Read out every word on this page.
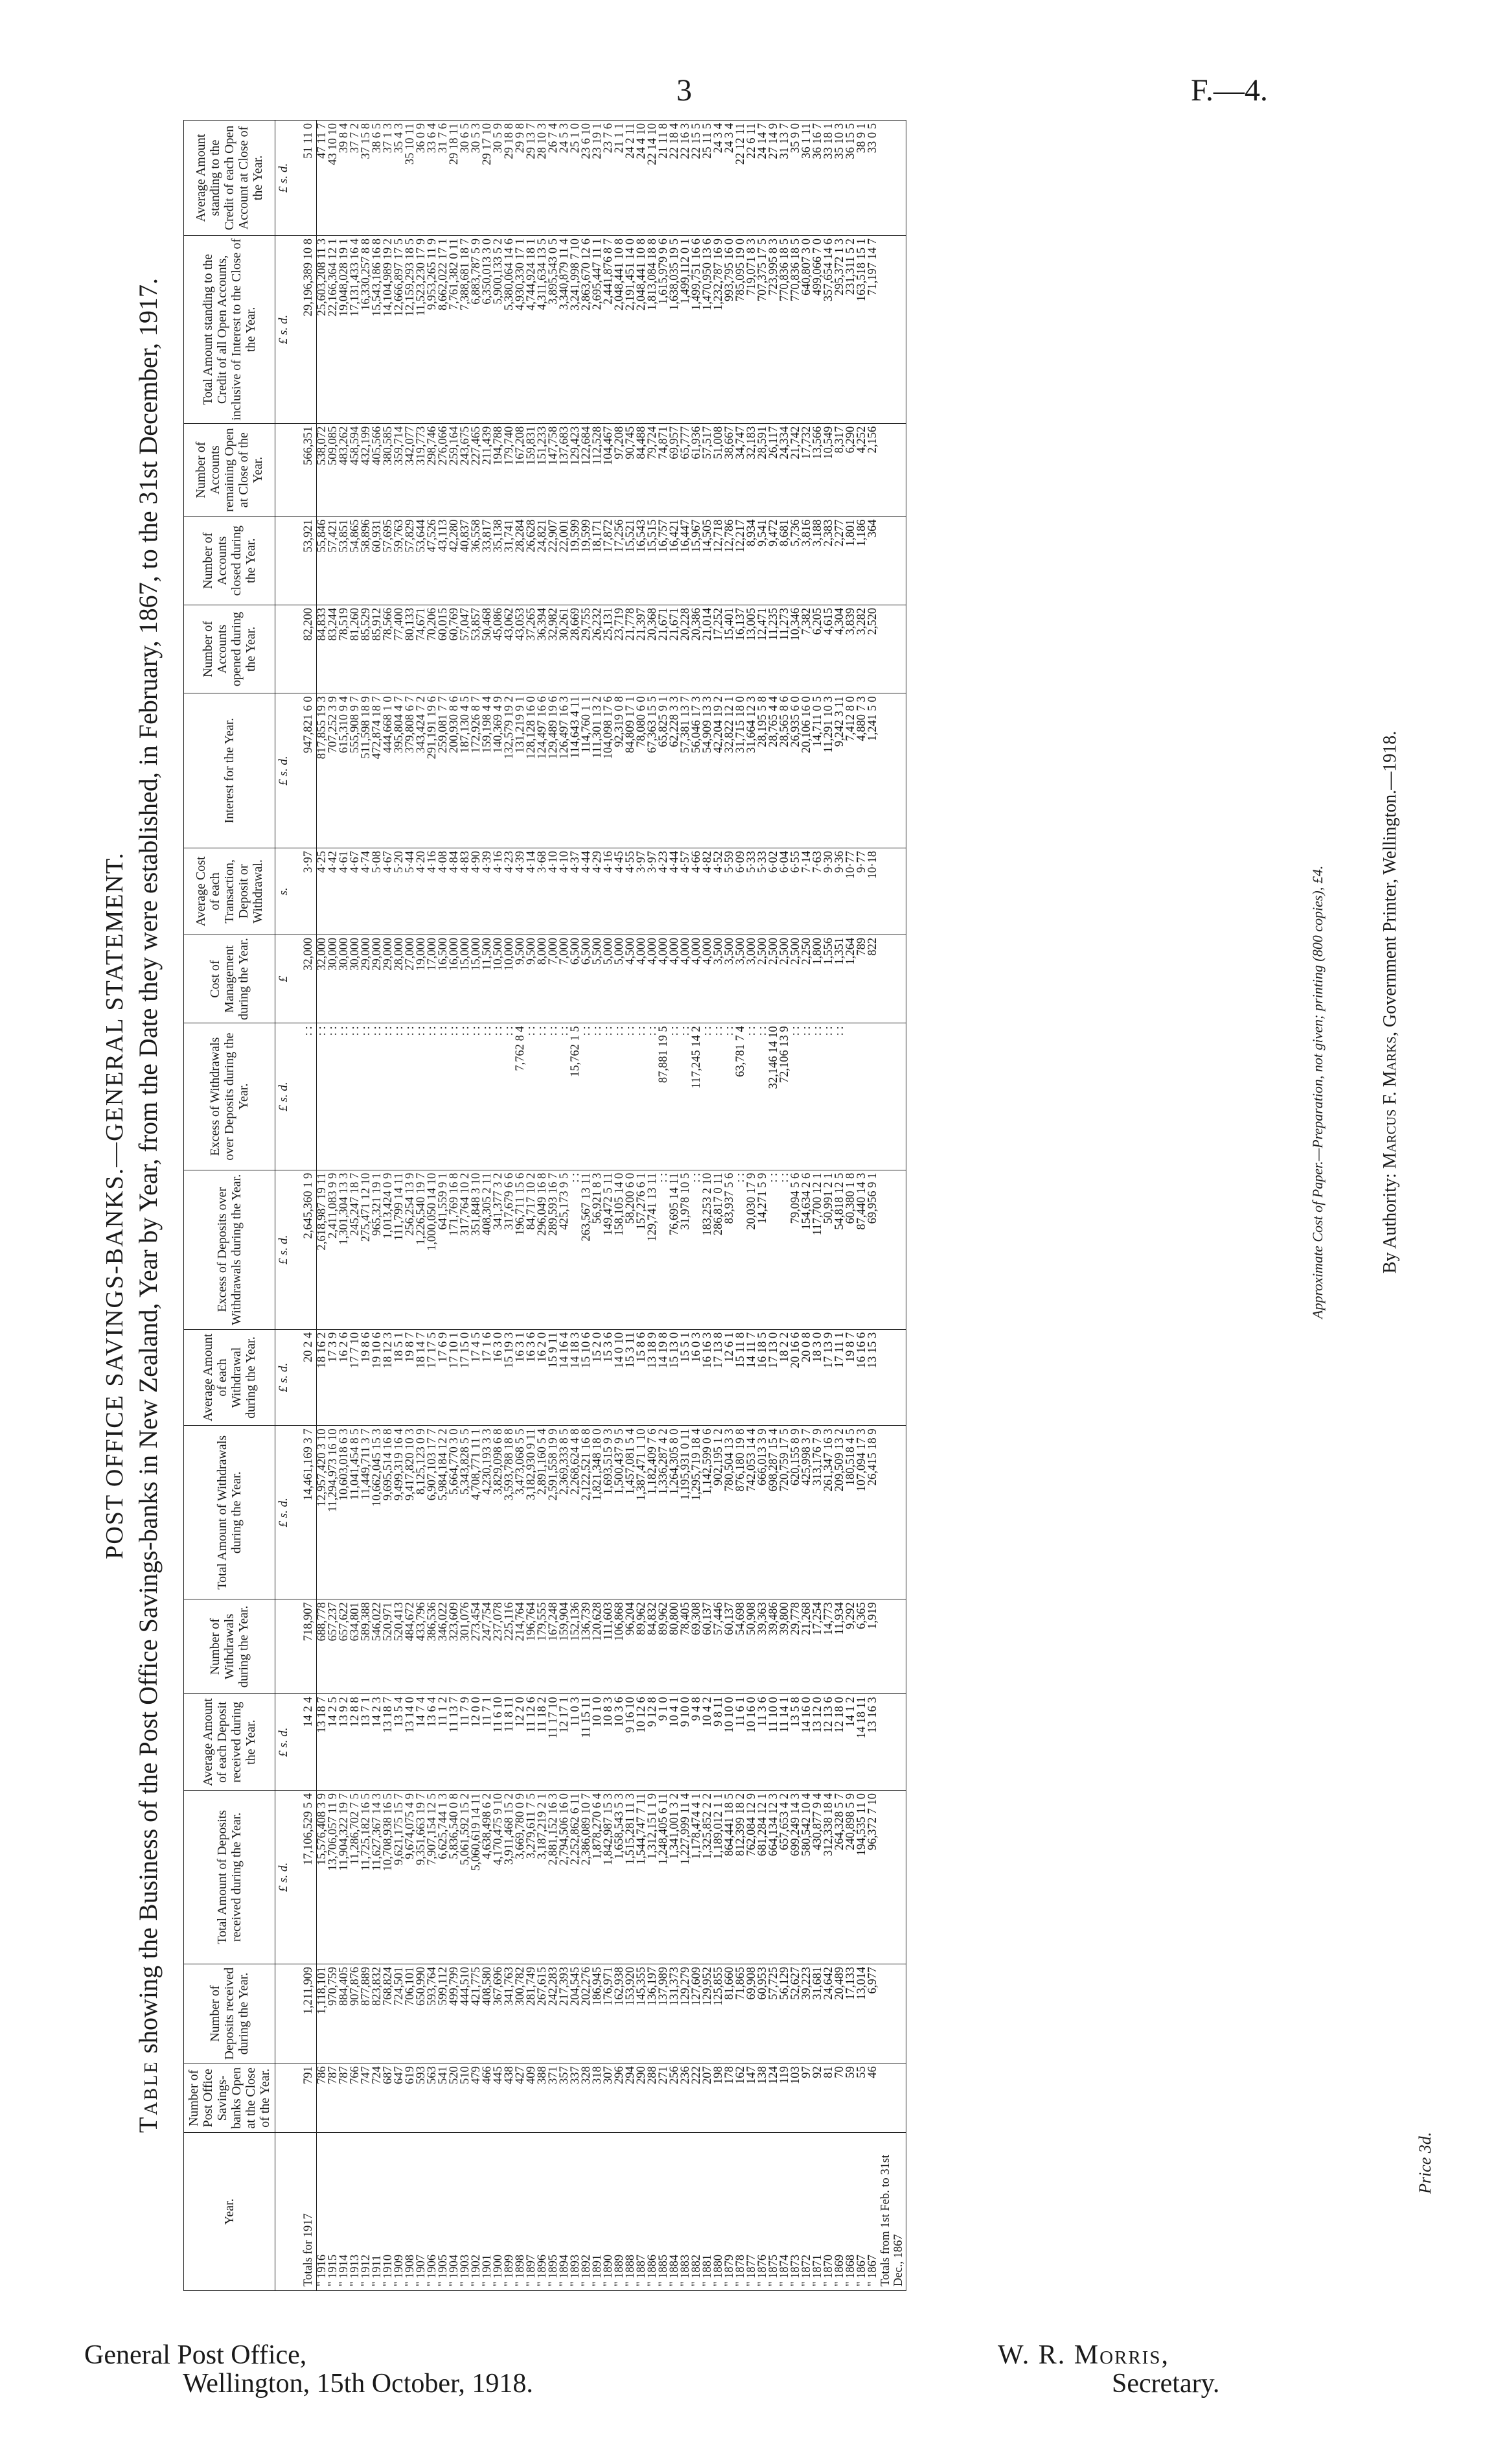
3	F.—4.
POST OFFICE SAVINGS-BANKS.—GENERAL STATEMENT.
Table showing the Business of the Post Office Savings-banks in New Zealand, Year by Year, from the Date they were established, in February, 1867, to the 31st December, 1917.
Year.	Number of Post Office Savings-banks Open at the Close of the Year.	Number of Deposits received during the Year.	Total Amount of Deposits received during the Year.	Average Amount of each Deposit received during the Year.	Number of Withdrawals during the Year.	Total Amount of Withdrawals during the Year.	Average Amount of each Withdrawal during the Year.	Excess of Deposits over Withdrawals during the Year.	Excess of Withdrawals over Deposits during the Year.	Cost of Management during the Year.	Average Cost of each Transaction, Deposit or Withdrawal.	Interest for the Year.	Number of Accounts opened during the Year.	Number of Accounts closed during the Year.	Number of Accounts remaining Open at Close of the Year.	Total Amount standing to the Credit of all Open Accounts, inclusive of Interest to the Close of the Year.	Average Amount standing to the Credit of each Open Account at Close of the Year.
			£ s. d.	£ s. d.		£ s. d.	£ s. d.	£ s. d.	£ s. d.	£	s.	£ s. d.				£ s. d.	£ s. d.
Totals for 1917	791	1,211,909	17,106,529 5 4	14 2 4	718,907	14,461,169 3 7	20 2 4	2,645,360 1 9	: :	32,000	3·97	947,821 6 0	82,200	53,921	566,351	29,196,389 10 8	51 11 0
" 1916	786	1,118,101	15,576,408 3 9	13 18 7	688,778	12,957,420 3 10	18 16 2	2,618,987 19 11	: :	32,000	4·25	817,855 19 3	84,833	55,846	538,072	25,603,208 11 3	47 11 7
" 1915	787	970,759	13,706,057 11 9	14 2 5	657,237	11,294,973 16 10	17 3 9	2,411,083 9 9	: :	30,000	4·42	707,252 3 9	83,244	57,421	509,085	22,166,364 12 1	43 10 10
" 1914	787	884,405	11,904,322 19 7	13 9 2	657,622	10,603,018 6 3	16 2 6	1,301,304 13 3	: :	30,000	4·61	615,310 9 4	78,519	53,851	483,262	19,048,028 19 1	39 8 4
" 1913	766	907,876	11,286,702 7 5	12 8 8	634,801	11,041,454 8 5	17 7 10	245,247 18 7	: :	30,000	4·67	555,908 9 7	81,260	54,865	458,594	17,131,433 16 4	37 7 2
" 1912	747	877,889	11,725,182 16 5	13 7 1	589,388	11,449,711 3 7	19 8 6	275,471 12 10	: :	29,000	4·74	511,598 18 9	85,529	58,896	432,199	16,330,257 8 8	37 15 8
" 1911	724	823,832	11,627,367 14 3	14 2 3	546,022	10,662,045 15 3	19 10 6	965,321 19 1	: :	29,000	5·08	472,874 18 7	85,912	60,931	405,566	15,543,186 16 8	38 6 5
" 1910	687	768,824	10,708,938 16 5	13 18 7	520,971	9,695,514 16 8	18 12 3	1,013,424 0 9	: :	29,000	4·67	444,668 1 0	78,566	57,695	380,585	14,104,989 19 2	37 1 3
" 1909	647	724,501	9,621,175 15 7	13 5 4	520,413	9,499,319 16 4	18 5 1	111,799 14 11	: :	28,000	5·20	395,804 4 7	77,400	59,763	359,714	12,666,897 17 5	35 4 3
" 1908	619	706,101	9,674,075 4 9	13 14 0	484,672	9,417,820 10 3	19 8 7	256,254 13 9	: :	27,000	5·44	379,808 6 7	80,133	57,829	342,077	12,159,293 18 5	35 10 11
" 1907	593	650,990	9,351,663 19 7	14 7 4	433,796	8,125,123 0 9	18 14 7	1,226,540 19 7	: :	19,000	4·20	343,424 7 2	74,671	53,644	319,773	11,523,230 17 9	36 0 9
" 1906	563	593,764	7,907,154 12 5	13 6 4	386,536	6,907,103 17 7	17 17 5	1,000,050 14 10	: :	17,000	4·16	291,191 19 6	70,206	47,526	298,746	9,953,265 11 9	33 6 4
" 1905	541	599,112	6,625,744 1 3	11 1 2	346,022	5,984,184 12 2	17 6 9	641,559 9 1	: :	16,500	4·08	259,081 7 7	60,015	43,113	276,066	8,662,022 17 1	31 7 6
" 1904	520	499,799	5,836,540 0 8	11 13 7	323,609	5,664,770 3 0	17 10 1	171,769 16 8	: :	16,000	4·84	200,930 8 6	60,769	42,280	259,164	7,761,382 0 11	29 18 11
" 1903	510	444,510	5,061,592 15 2	11 7 9	301,076	5,343,828 5 5	17 15 0	317,764 10 2	: :	15,000	4·83	187,130 4 5	57,047	40,837	243,675	7,388,681 18 7	30 6 5
" 1902	479	421,775	5,060,619 14 11	12 0 0	273,454	4,708,771 11 1	17 4 5	351,848 3 10	: :	15,000	4·90	172,926 8 7	53,857	36,558	227,465	6,883,787 5 9	30 5 3
" 1901	466	408,580	4,638,498 6 2	11 7 1	247,754	4,230,193 3 3	17 1 6	408,305 2 11	: :	11,500	4·39	159,198 4 4	50,468	33,817	211,439	6,350,013 3 0	29 17 10
" 1900	445	367,696	4,170,475 9 10	11 6 10	237,078	3,829,098 6 8	16 3 0	341,377 3 2	: :	10,500	4·16	140,369 4 9	45,086	35,138	194,788	5,900,133 5 2	30 5 9
" 1899	438	341,763	3,911,468 15 2	11 8 11	225,116	3,593,788 18 8	15 19 3	317,679 6 6	: :	10,000	4·23	132,579 19 2	43,062	31,741	179,740	5,380,064 14 6	29 18 8
" 1898	427	300,782	3,669,780 0 9	12 2 0	214,764	3,473,068 5 5	16 3 1	196,711 15 6	7,762 8 4	9,500	4·39	131,219 9 1	43,053	28,284	167,208	4,930,330 17 1	29 9 8
" 1897	409	281,749	3,279,611 7 5	11 12 6	196,764	3,182,930 9 11	16 3 6	84,717 10 2	: :	9,500	4·14	128,128 16 0	37,265	26,628	159,831	4,744,924 18 1	29 13 7
" 1896	388	267,615	3,187,219 2 1	11 18 2	179,555	2,891,160 5 4	16 2 0	296,049 16 8	: :	8,000	3·68	124,497 16 6	36,394	24,821	151,233	4,311,634 13 5	28 10 3
" 1895	371	242,283	2,881,152 16 3	11 17 10	167,248	2,591,558 19 9	15 9 11	289,593 16 7	: :	7,000	4·10	129,489 19 6	32,982	22,907	147,758	3,895,543 0 5	26 7 4
" 1894	357	217,393	2,794,506 16 0	12 17 1	159,904	2,369,333 8 5	14 16 4	425,173 9 5	: :	7,000	4·10	126,497 16 3	30,261	22,001	137,683	3,340,879 11 4	24 5 3
" 1893	337	204,545	2,252,862 6 11	11 0 3	152,136	2,268,624 4 8	14 18 3	: :	15,762 1 5	6,500	4·37	114,643 4 11	28,669	19,599	129,423	3,241,998 7 10	25 1 0
" 1892	328	202,276	2,386,089 10 7	11 15 11	136,739	2,122,521 16 8	15 10 6	263,567 13 11	: :	6,500	4·44	114,760 1 1	29,755	19,599	122,684	2,863,670 12 6	23 6 10
" 1891	318	186,945	1,878,270 6 4	10 1 0	120,628	1,821,348 18 0	15 2 0	56,921 8 3	: :	5,500	4·29	111,301 13 2	26,232	18,171	112,528	2,695,447 11 1	23 19 1
" 1890	307	176,971	1,842,987 15 3	10 8 3	111,603	1,693,515 9 3	15 3 6	149,472 5 11	: :	5,000	4·16	104,098 17 6	25,131	17,872	104,467	2,441,876 8 7	23 7 6
" 1889	296	162,938	1,658,543 5 3	10 3 6	106,868	1,500,437 9 5	14 0 10	158,105 14 0	: :	5,000	4·45	92,319 0 8	23,719	17,256	97,208	2,048,441 10 8	21 1 1
" 1888	294	153,920	1,515,281 11 3	9 16 10	96,204	1,457,081 5 4	15 3 11	58,200 6 0	: :	4,500	4·55	84,809 17 1	21,778	15,521	90,745	2,191,451 14 0	24 2 11
" 1887	290	145,355	1,544,747 7 11	10 12 6	89,962	1,387,471 1 10	15 8 6	157,276 6 1	: :	4,000	3·97	78,080 6 0	21,397	16,543	84,488	2,048,441 10 8	24 4 10
" 1886	288	136,197	1,312,151 1 9	9 12 8	84,832	1,182,409 7 6	13 18 9	129,741 13 11	: :	4,000	3·97	67,363 15 5	20,368	15,515	79,724	1,813,084 18 8	22 14 10
" 1885	271	137,989	1,248,405 6 11	9 1 0	89,962	1,336,287 4 2	14 19 8	: :	87,881 19 5	4,000	4·23	65,825 9 1	21,671	16,757	74,871	1,615,979 9 6	21 11 8
" 1884	256	131,373	1,341,001 3 2	10 4 1	80,800	1,264,305 8 0	15 13 0	76,695 14 11	: :	4,000	4·44	62,228 3 3	21,671	16,421	69,957	1,638,035 19 5	22 18 4
" 1883	236	129,279	1,227,999 11 4	9 10 0	78,405	1,195,931 0 11	15 5 1	31,978 10 5	: :	4,000	4·57	57,381 13 7	20,228	16,447	65,777	1,499,112 0 1	22 16 3
" 1882	222	127,609	1,178,474 4 1	9 4 8	69,308	1,295,719 18 4	16 0 3	: :	117,245 14 2	4,000	4·66	56,046 17 3	20,386	15,967	61,936	1,499,751 16 6	22 15 5
" 1881	207	129,952	1,325,852 2 2	10 4 2	60,137	1,142,599 0 6	16 16 3	183,253 2 10	: :	4,000	4·82	54,909 13 3	21,014	14,505	57,517	1,470,950 13 6	25 11 5
" 1880	198	125,855	1,189,012 1 1	9 8 11	57,446	902,195 1 2	17 13 8	286,817 0 11	: :	3,500	4·52	42,204 19 2	17,252	12,718	51,008	1,232,787 16 9	24 3 4
" 1879	178	81,660	864,441 18 5	10 10 0	60,137	780,504 13 3	12 6 1	83,937 5 6	: :	3,500	5·59	32,822 12 1	15,401	12,786	38,667	993,795 16 0	24 3 4
" 1878	162	71,865	812,399 18 2	11 6 1	54,698	876,180 19 8	15 11 8	: :	63,781 7 4	3,500	6·09	31,715 18 0	16,137	12,217	34,747	785,095 19 0	22 12 11
" 1877	147	69,908	762,084 12 9	10 16 0	50,908	742,053 14 4	14 11 7	20,030 17 9	: :	3,000	5·33	31,664 12 3	13,005	8,934	32,183	719,071 8 3	22 6 11
" 1876	138	60,953	681,284 12 1	11 3 6	39,363	666,013 3 9	16 18 5	14,271 5 9	: :	2,500	5·33	28,195 5 8	12,471	9,541	28,591	707,375 17 5	24 14 7
" 1875	124	57,725	664,134 12 3	11 10 0	39,486	698,287 15 4	17 13 0	: :	32,146 14 10	2,500	6·02	28,765 4 4	11,235	9,472	26,117	723,995 8 3	27 14 9
" 1874	119	56,129	657,653 4 2	11 14 1	39,800	720,759 17 5	18 2 2	: :	72,106 13 9	2,500	6·04	28,565 8 6	11,273	8,681	24,334	770,836 18 5	31 13 7
" 1873	103	52,627	699,249 14 3	13 5 8	29,778	620,155 8 9	20 16 6	79,094 5 6	: :	2,500	6·55	26,935 6 0	10,346	5,736	21,742	770,836 18 5	35 9 0
" 1872	97	39,223	580,542 10 4	14 16 0	21,268	425,998 3 7	20 0 8	154,634 2 6	: :	2,250	7·14	20,106 16 0	7,382	3,816	17,732	640,807 3 0	36 1 11
" 1871	92	31,681	430,877 9 4	13 12 0	17,254	313,176 7 9	18 3 0	117,700 12 1	: :	1,800	7·63	14,711 0 5	6,205	3,188	13,566	499,066 7 0	36 16 7
" 1870	81	24,642	312,338 18 4	12 13 6	14,773	261,347 16 3	17 13 9	50,991 2 1	: :	1,556	9·30	11,291 10 3	4,615	2,383	10,549	357,654 14 6	33 18 1
" 1869	70	20,489	264,328 5 7	12 18 0	11,934	209,509 13 2	17 11 1	54,818 12 5	: :	1,351	9·36	9,242 3 11	4,304	2,277	8,317	295,372 1 3	35 10 3
" 1868	59	17,133	240,898 5 9	14 1 2	9,292	180,518 4 5	19 8 7	60,380 1 8		1,264	10·77	7,412 8 0	3,839	1,801	6,290	231,311 5 2	36 15 5
" 1867	55	13,014	194,535 11 0	14 18 11	6,365	107,094 17 3	16 16 6	87,440 14 3		789	9·77	4,880 7 3	3,282	1,186	4,252	163,518 15 1	38 9 1
" 1867	46	6,977	96,372 7 10	13 16 3	1,919	26,415 18 9	13 15 3	69,956 9 1		822	10·18	1,241 5 0	2,520	364	2,156	71,197 14 7	33 0 5
Totals from 1st Feb. to 31st Dec., 1867																	
Approximate Cost of Paper.—Preparation, not given; printing (800 copies), £4.	By Authority: Marcus F. Marks, Government Printer, Wellington.—1918.
Price 3d.
General Post Office,
Wellington, 15th October, 1918.
W. R. Morris,
Secretary.
